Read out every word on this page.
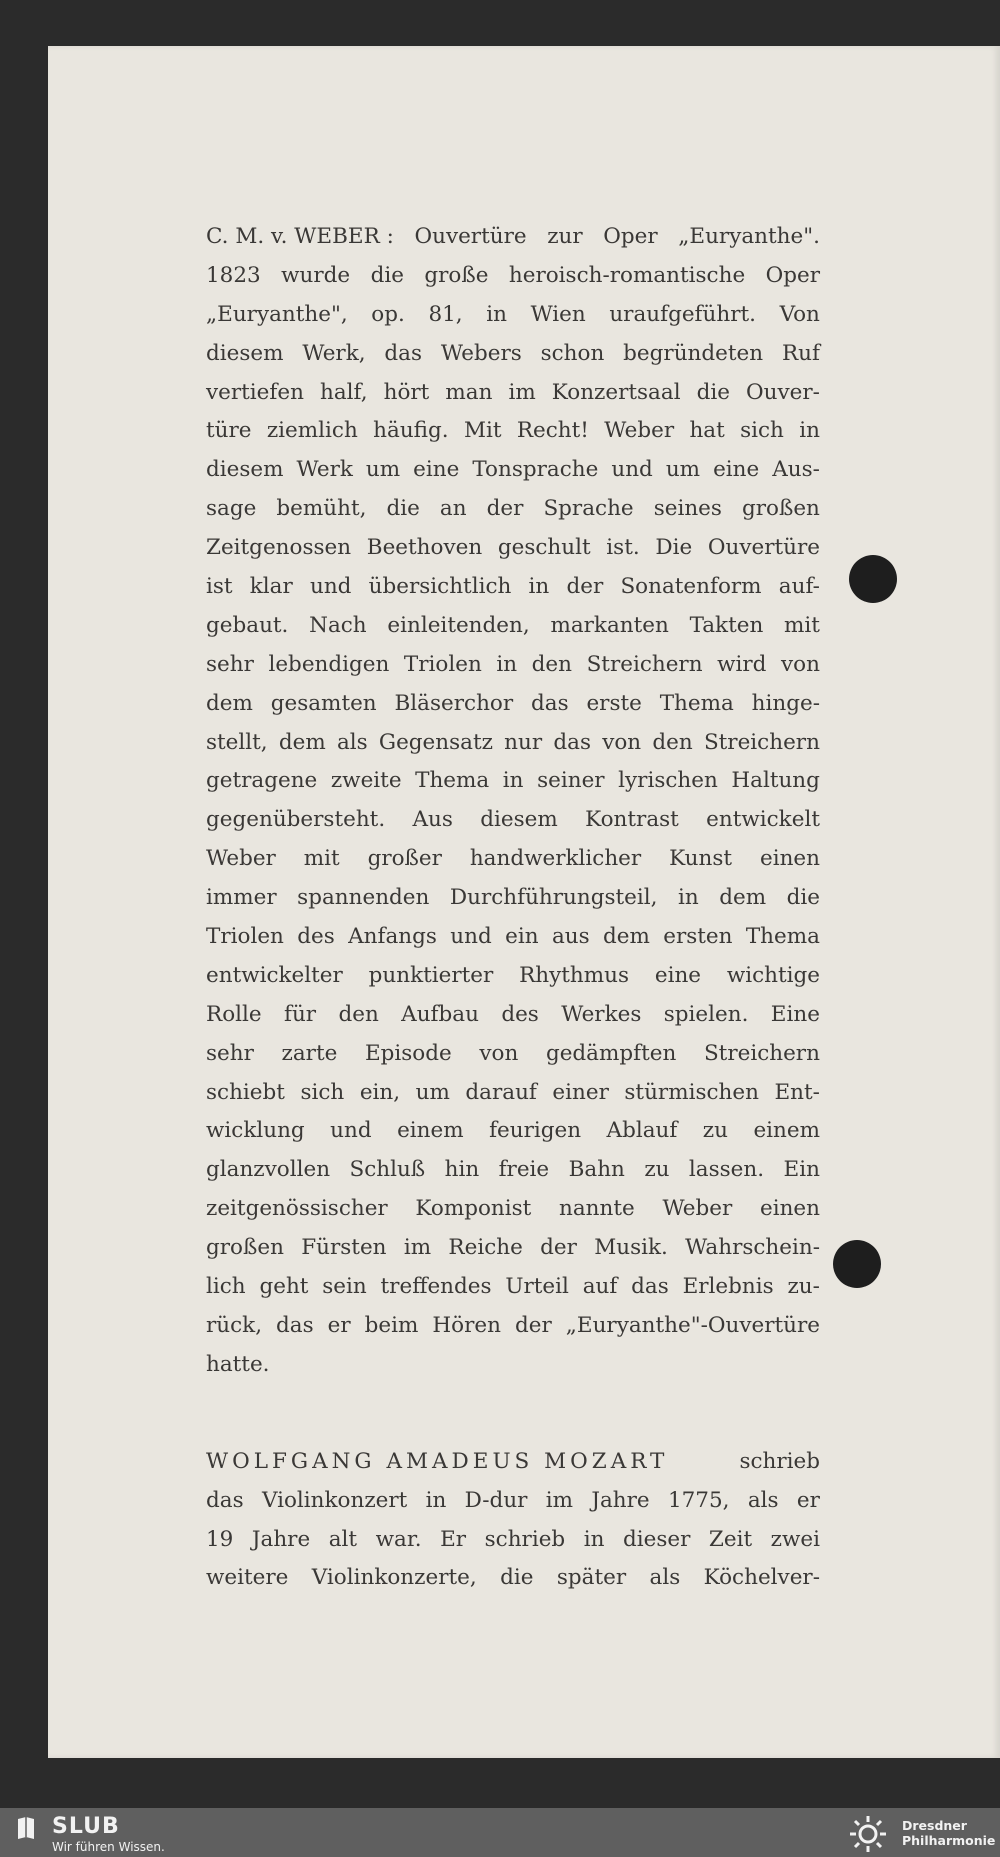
C. M. v. WEBER : Ouvertüre zur Oper „Euryanthe".
1823 wurde die große heroisch-romantische Oper
„Euryanthe", op. 81, in Wien uraufgeführt. Von
diesem Werk, das Webers schon begründeten Ruf
vertiefen half, hört man im Konzertsaal die Ouver-
türe ziemlich häufig. Mit Recht! Weber hat sich in
diesem Werk um eine Tonsprache und um eine Aus-
sage bemüht, die an der Sprache seines großen
Zeitgenossen Beethoven geschult ist. Die Ouvertüre
ist klar und übersichtlich in der Sonatenform auf-
gebaut. Nach einleitenden, markanten Takten mit
sehr lebendigen Triolen in den Streichern wird von
dem gesamten Bläserchor das erste Thema hinge-
stellt, dem als Gegensatz nur das von den Streichern
getragene zweite Thema in seiner lyrischen Haltung
gegenübersteht. Aus diesem Kontrast entwickelt
Weber mit großer handwerklicher Kunst einen
immer spannenden Durchführungsteil, in dem die
Triolen des Anfangs und ein aus dem ersten Thema
entwickelter punktierter Rhythmus eine wichtige
Rolle für den Aufbau des Werkes spielen. Eine
sehr zarte Episode von gedämpften Streichern
schiebt sich ein, um darauf einer stürmischen Ent-
wicklung und einem feurigen Ablauf zu einem
glanzvollen Schluß hin freie Bahn zu lassen. Ein
zeitgenössischer Komponist nannte Weber einen
großen Fürsten im Reiche der Musik. Wahrschein-
lich geht sein treffendes Urteil auf das Erlebnis zu-
rück, das er beim Hören der „Euryanthe"-Ouvertüre
hatte.
WOLFGANG AMADEUS MOZART	schrieb
das Violinkonzert in D-dur im Jahre 1775, als er
19 Jahre alt war. Er schrieb in dieser Zeit zwei
weitere Violinkonzerte, die später als Köchelver-
SLUB
Wir führen Wissen.
Dresdner
Philharmonie
